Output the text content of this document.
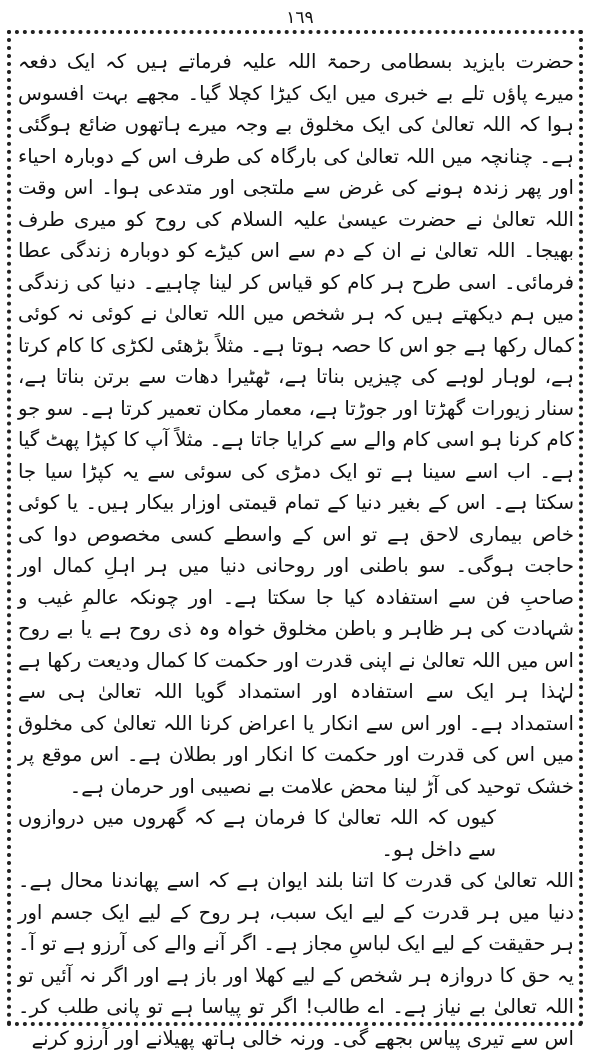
١٦٩

حضرت بایزید بسطامی رحمۃ اللہ علیہ فرماتے ہیں کہ ایک دفعہ میرے پاؤں تلے بے خبری میں ایک کیڑا کچلا گیا۔ مجھے بہت افسوس ہوا کہ اللہ تعالیٰ کی ایک مخلوق بے وجہ میرے ہاتھوں ضائع ہوگئی ہے۔ چنانچہ میں اللہ تعالیٰ کی بارگاہ کی طرف اس کے دوبارہ احیاء اور پھر زندہ ہونے کی غرض سے ملتجی اور متدعی ہوا۔ اس وقت اللہ تعالیٰ نے حضرت عیسیٰ علیہ السلام کی روح کو میری طرف بھیجا۔ اللہ تعالیٰ نے ان کے دم سے اس کیڑے کو دوبارہ زندگی عطا فرمائی۔ اسی طرح ہر کام کو قیاس کر لینا چاہیے۔ دنیا کی زندگی میں ہم دیکھتے ہیں کہ ہر شخص میں اللہ تعالیٰ نے کوئی نہ کوئی کمال رکھا ہے جو اس کا حصہ ہوتا ہے۔ مثلاً بڑھئی لکڑی کا کام کرتا ہے، لوہار لوہے کی چیزیں بناتا ہے، ٹھٹیرا دھات سے برتن بناتا ہے، سنار زیورات گھڑتا اور جوڑتا ہے، معمار مکان تعمیر کرتا ہے۔ سو جو کام کرنا ہو اسی کام والے سے کرایا جاتا ہے۔ مثلاً آپ کا کپڑا پھٹ گیا ہے۔ اب اسے سینا ہے تو ایک دمڑی کی سوئی سے یہ کپڑا سیا جا سکتا ہے۔ اس کے بغیر دنیا کے تمام قیمتی اوزار بیکار ہیں۔ یا کوئی خاص بیماری لاحق ہے تو اس کے واسطے کسی مخصوص دوا کی حاجت ہوگی۔ سو باطنی اور روحانی دنیا میں ہر اہلِ کمال اور صاحبِ فن سے استفادہ کیا جا سکتا ہے۔ اور چونکہ عالمِ غیب و شہادت کی ہر ظاہر و باطن مخلوق خواہ وہ ذی روح ہے یا بے روح اس میں اللہ تعالیٰ نے اپنی قدرت اور حکمت کا کمال ودیعت رکھا ہے لہٰذا ہر ایک سے استفادہ اور استمداد گویا اللہ تعالیٰ ہی سے استمداد ہے۔ اور اس سے انکار یا اعراض کرنا اللہ تعالیٰ کی مخلوق میں اس کی قدرت اور حکمت کا انکار اور بطلان ہے۔ اس موقع پر خشک توحید کی آڑ لینا محض علامت بے نصیبی اور حرمان ہے۔

کیوں کہ اللہ تعالیٰ کا فرمان ہے کہ گھروں میں دروازوں سے داخل ہو۔

اللہ تعالیٰ کی قدرت کا اتنا بلند ایوان ہے کہ اسے پھاندنا محال ہے۔ دنیا میں ہر قدرت کے لیے ایک سبب، ہر روح کے لیے ایک جسم اور ہر حقیقت کے لیے ایک لباسِ مجاز ہے۔ اگر آنے والے کی آرزو ہے تو آ۔ یہ حق کا دروازہ ہر شخص کے لیے کھلا اور باز ہے اور اگر نہ آئیں تو اللہ تعالیٰ بے نیاز ہے۔ اے طالب! اگر تو پیاسا ہے تو پانی طلب کر۔ اس سے تیری پیاس بجھے گی۔ ورنہ خالی ہاتھ پھیلانے اور آرزو کرنے
